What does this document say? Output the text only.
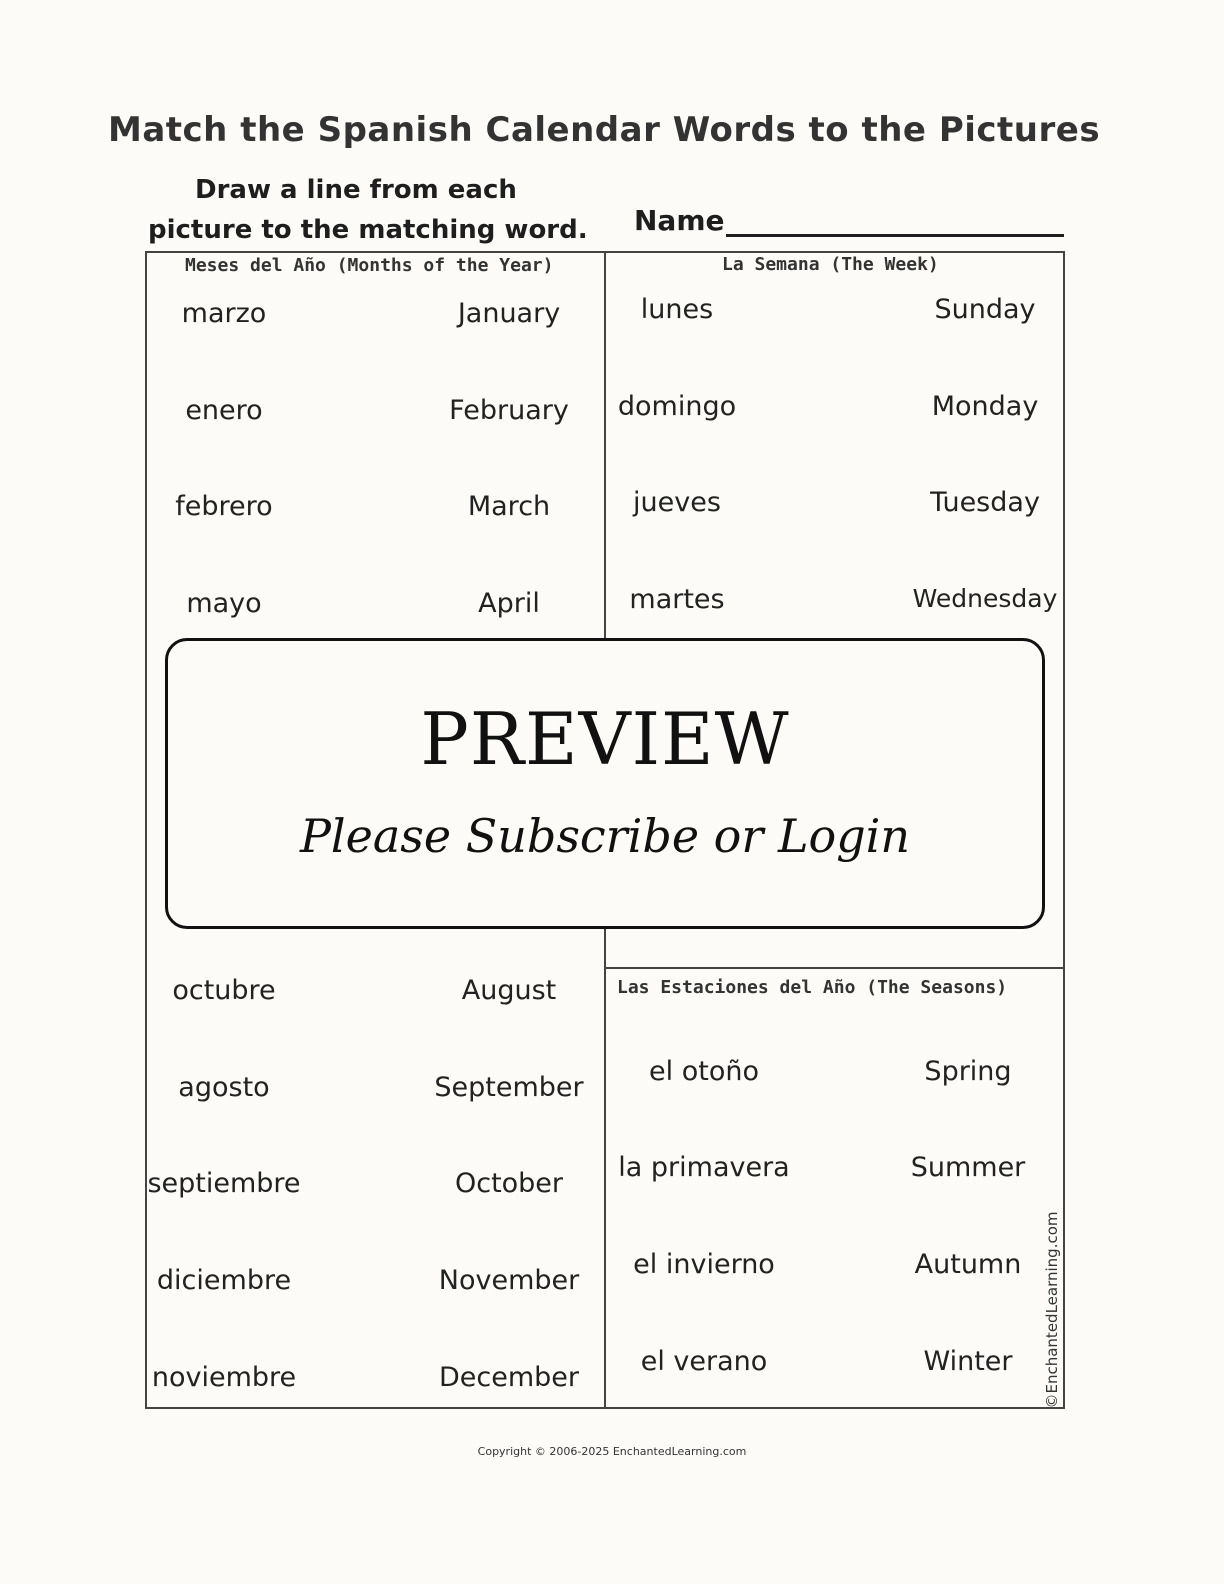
Match the Spanish Calendar Words to the Pictures
Draw a line from each
picture to the matching word. Name
Meses del Año (Months of the Year)
marzo
enero
febrero
mayo
octubre
agosto
septiembre
diciembre
noviembre
January
February
March
April
August
September
October
November
December
La Semana (The Week)
lunes
domingo
jueves
martes
Sunday
Monday
Tuesday
Wednesday
Las Estaciones del Año (The Seasons)
el otoño
la primavera
el invierno
el verano
Spring
Summer
Autumn
Winter ©EnchantedLearning.com
PREVIEW
Please Subscribe or Login
Copyright © 2006-2025 EnchantedLearning.com
